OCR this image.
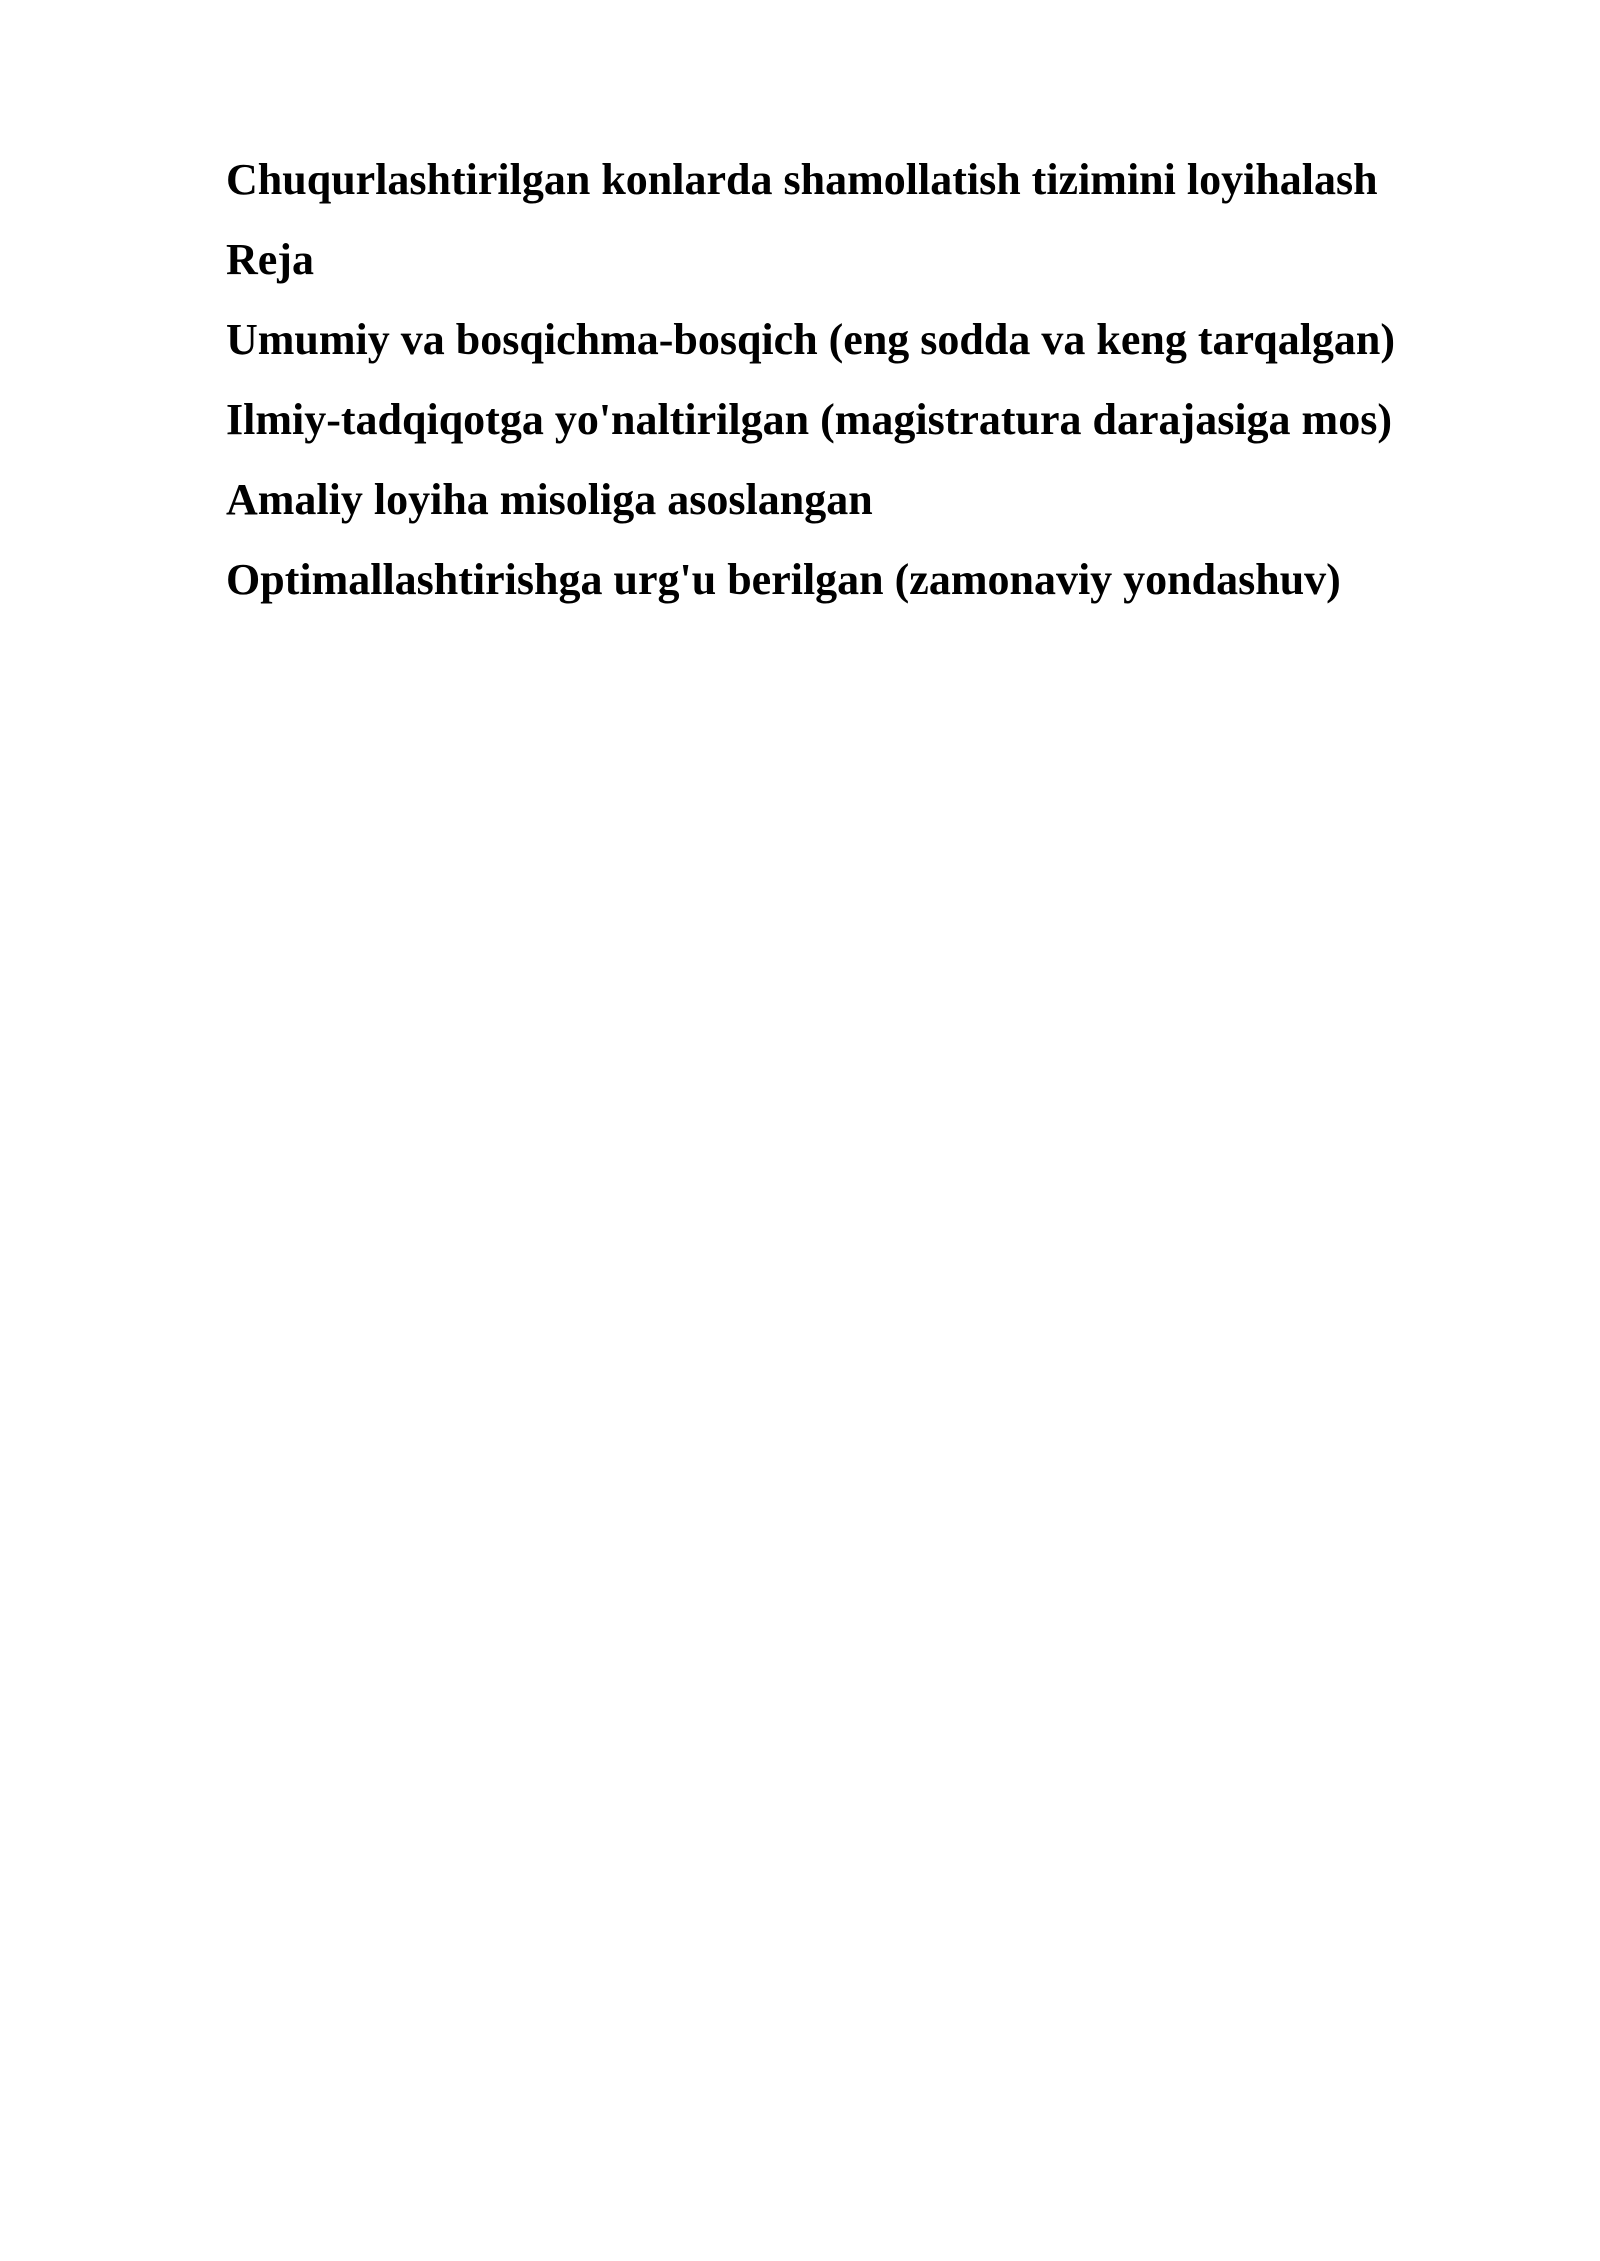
Chuqurlashtirilgan konlarda shamollatish tizimini loyihalash

Reja

Umumiy va bosqichma-bosqich (eng sodda va keng tarqalgan)

Ilmiy-tadqiqotga yo'naltirilgan (magistratura darajasiga mos)

Amaliy loyiha misoliga asoslangan

Optimallashtirishga urg'u berilgan (zamonaviy yondashuv)
